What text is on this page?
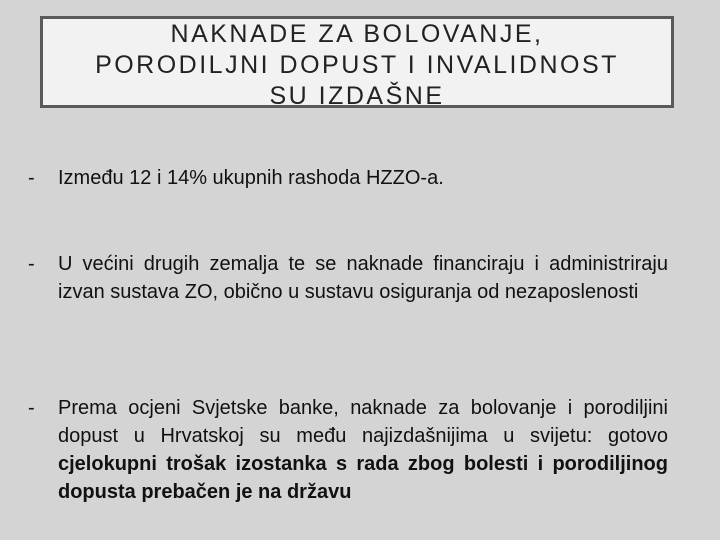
NAKNADE ZA BOLOVANJE,
PORODILJNI DOPUST I INVALIDNOST
SU IZDAŠNE
-	Između 12 i 14% ukupnih rashoda HZZO-a.
-	U većini drugih zemalja te se naknade financiraju i administriraju izvan sustava ZO, obično u sustavu osiguranja od nezaposlenosti
-	Prema ocjeni Svjetske banke, naknade za bolovanje i porodiljini dopust u Hrvatskoj su među najizdašnijima u svijetu: gotovo cjelokupni trošak izostanka s rada zbog bolesti i porodiljinog dopusta prebačen je na državu
